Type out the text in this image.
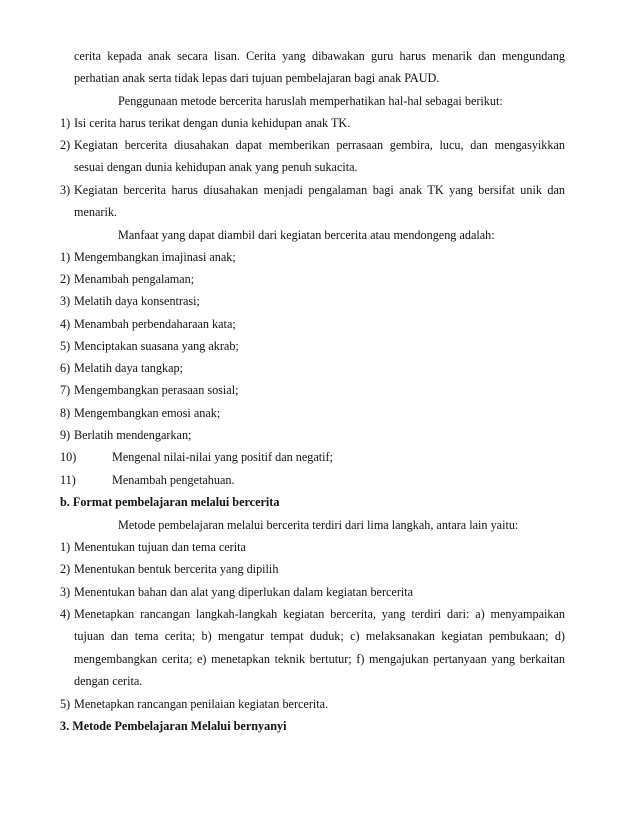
cerita kepada anak secara lisan. Cerita yang dibawakan guru harus menarik dan mengundang
perhatian anak serta tidak lepas dari tujuan pembelajaran bagi anak PAUD.
Penggunaan metode bercerita haruslah memperhatikan hal-hal sebagai berikut:
1) Isi cerita harus terikat dengan dunia kehidupan anak TK.
2) Kegiatan bercerita diusahakan dapat memberikan perrasaan gembira, lucu, dan mengasyikkan
sesuai dengan dunia kehidupan anak yang penuh sukacita.
3) Kegiatan bercerita harus diusahakan menjadi pengalaman bagi anak TK yang bersifat unik dan
menarik.
Manfaat yang dapat diambil dari kegiatan bercerita atau mendongeng adalah:
1) Mengembangkan imajinasi anak;
2) Menambah pengalaman;
3) Melatih daya konsentrasi;
4) Menambah perbendaharaan kata;
5) Menciptakan suasana yang akrab;
6) Melatih daya tangkap;
7) Mengembangkan perasaan sosial;
8) Mengembangkan emosi anak;
9) Berlatih mendengarkan;
10)	Mengenal nilai-nilai yang positif dan negatif;
11)	Menambah pengetahuan.
b. Format pembelajaran melalui bercerita
Metode pembelajaran melalui bercerita terdiri dari lima langkah, antara lain yaitu:
1) Menentukan tujuan dan tema cerita
2) Menentukan bentuk bercerita yang dipilih
3) Menentukan bahan dan alat yang diperlukan dalam kegiatan bercerita
4) Menetapkan rancangan langkah-langkah kegiatan bercerita, yang terdiri dari: a) menyampaikan
tujuan dan tema cerita; b) mengatur tempat duduk; c) melaksanakan kegiatan pembukaan; d)
mengembangkan cerita; e) menetapkan teknik bertutur; f) mengajukan pertanyaan yang berkaitan
dengan cerita.
5) Menetapkan rancangan penilaian kegiatan bercerita.
3. Metode Pembelajaran Melalui bernyanyi
